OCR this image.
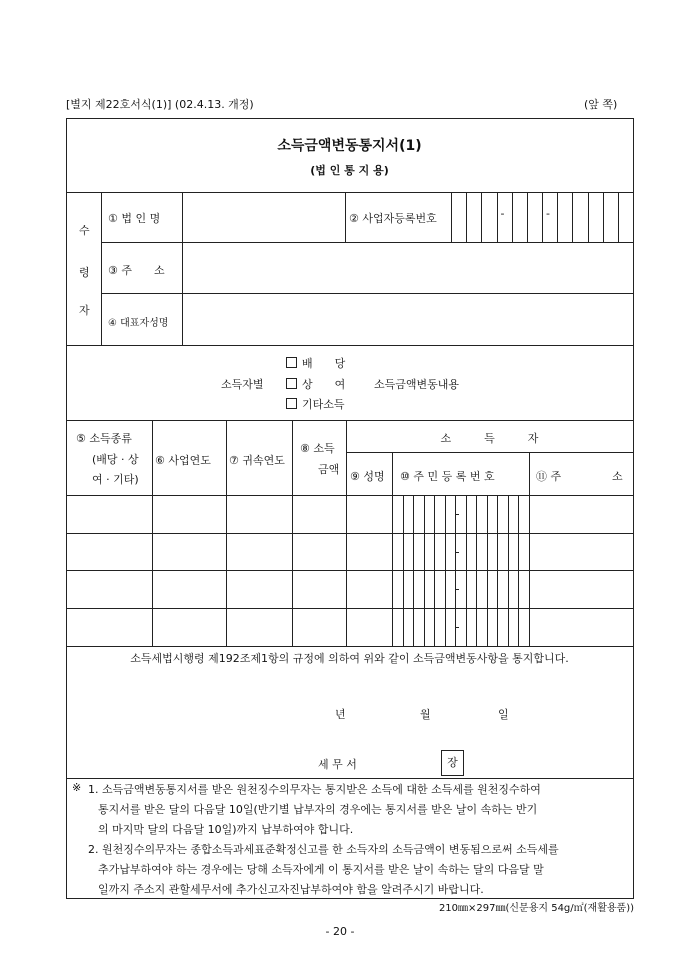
[별지 제22호서식(1)] (02.4.13. 개정)	(앞 쪽)
소득금액변동통지서(1)
(법 인 통 지 용)
수
령
자
① 법 인 명	② 사업자등록번호	-	-
③ 주　　소
④ 대표자성명
배　　당
소득자별	상　　여	소득금액변동내용
기타소득
⑤ 소득종류
(배당 · 상
여 · 기타)
⑥ 사업연도 ⑦ 귀속연도
⑧ 소득
금액
소　　　득　　　자
⑨ 성명 ⑩ 주 민 등 록 번 호	⑪ 주	소
소득세법시행령 제192조제1항의 규정에 의하여 위와 같이 소득금액변동사항을 통지합니다.
년	월	일
세 무 서	장
※ 1. 소득금액변동통지서를 받은 원천징수의무자는 통지받은 소득에 대한 소득세를 원천징수하여
통지서를 받은 달의 다음달 10일(반기별 납부자의 경우에는 통지서를 받은 날이 속하는 반기
의 마지막 달의 다음달 10일)까지 납부하여야 합니다.
2. 원천징수의무자는 종합소득과세표준확정신고를 한 소득자의 소득금액이 변동됨으로써 소득세를
추가납부하여야 하는 경우에는 당해 소득자에게 이 통지서를 받은 날이 속하는 달의 다음달 말
일까지 주소지 관할세무서에 추가신고자진납부하여야 함을 알려주시기 바랍니다.
210㎜×297㎜(신문용지 54g/㎡(재활용품))
- 20 -
